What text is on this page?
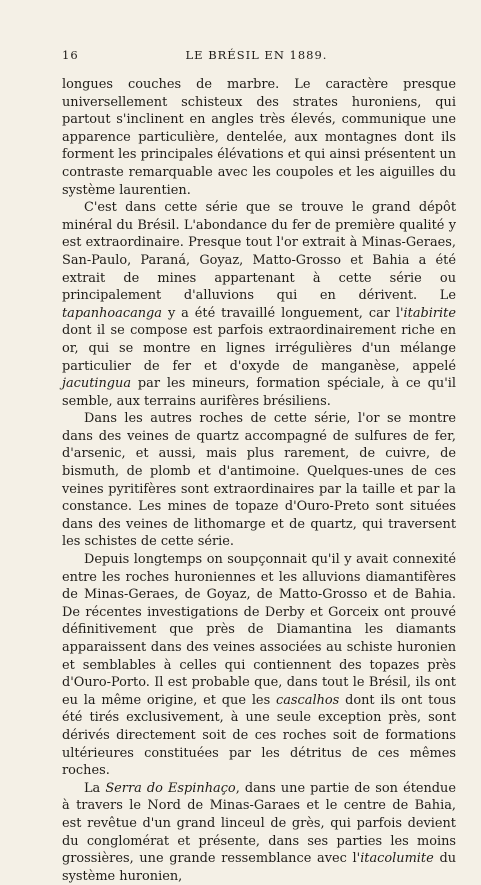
16	LE BRÉSIL EN 1889.

longues couches de marbre. Le caractère presque universellement schisteux des strates huroniens, qui partout s'inclinent en angles très élevés, communique une apparence particulière, dentelée, aux montagnes dont ils forment les principales élévations et qui ainsi présentent un contraste remarquable avec les coupoles et les aiguilles du système laurentien.

C'est dans cette série que se trouve le grand dépôt minéral du Brésil. L'abondance du fer de première qualité y est extraordinaire. Presque tout l'or extrait à Minas-Geraes, San-Paulo, Paraná, Goyaz, Matto-Grosso et Bahia a été extrait de mines appartenant à cette série ou principalement d'alluvions qui en dérivent. Le tapanhoacanga y a été travaillé longuement, car l'itabirite dont il se compose est parfois extraordinairement riche en or, qui se montre en lignes irrégulières d'un mélange particulier de fer et d'oxyde de manganèse, appelé jacutingua par les mineurs, formation spéciale, à ce qu'il semble, aux terrains aurifères brésiliens.

Dans les autres roches de cette série, l'or se montre dans des veines de quartz accompagné de sulfures de fer, d'arsenic, et aussi, mais plus rarement, de cuivre, de bismuth, de plomb et d'antimoine. Quelques-unes de ces veines pyritifères sont extraordinaires par la taille et par la constance. Les mines de topaze d'Ouro-Preto sont situées dans des veines de lithomarge et de quartz, qui traversent les schistes de cette série.

Depuis longtemps on soupçonnait qu'il y avait connexité entre les roches huroniennes et les alluvions diamantifères de Minas-Geraes, de Goyaz, de Matto-Grosso et de Bahia. De récentes investigations de Derby et Gorceix ont prouvé définitivement que près de Diamantina les diamants apparaissent dans des veines associées au schiste huronien et semblables à celles qui contiennent des topazes près d'Ouro-Porto. Il est probable que, dans tout le Brésil, ils ont eu la même origine, et que les cascalhos dont ils ont tous été tirés exclusivement, à une seule exception près, sont dérivés directement soit de ces roches soit de formations ultérieures constituées par les détritus de ces mêmes roches.

La Serra do Espinhaço, dans une partie de son étendue à travers le Nord de Minas-Garaes et le centre de Bahia, est revêtue d'un grand linceul de grès, qui parfois devient du conglomérat et présente, dans ses parties les moins grossières, une grande ressemblance avec l'itacolumite du système huronien,
